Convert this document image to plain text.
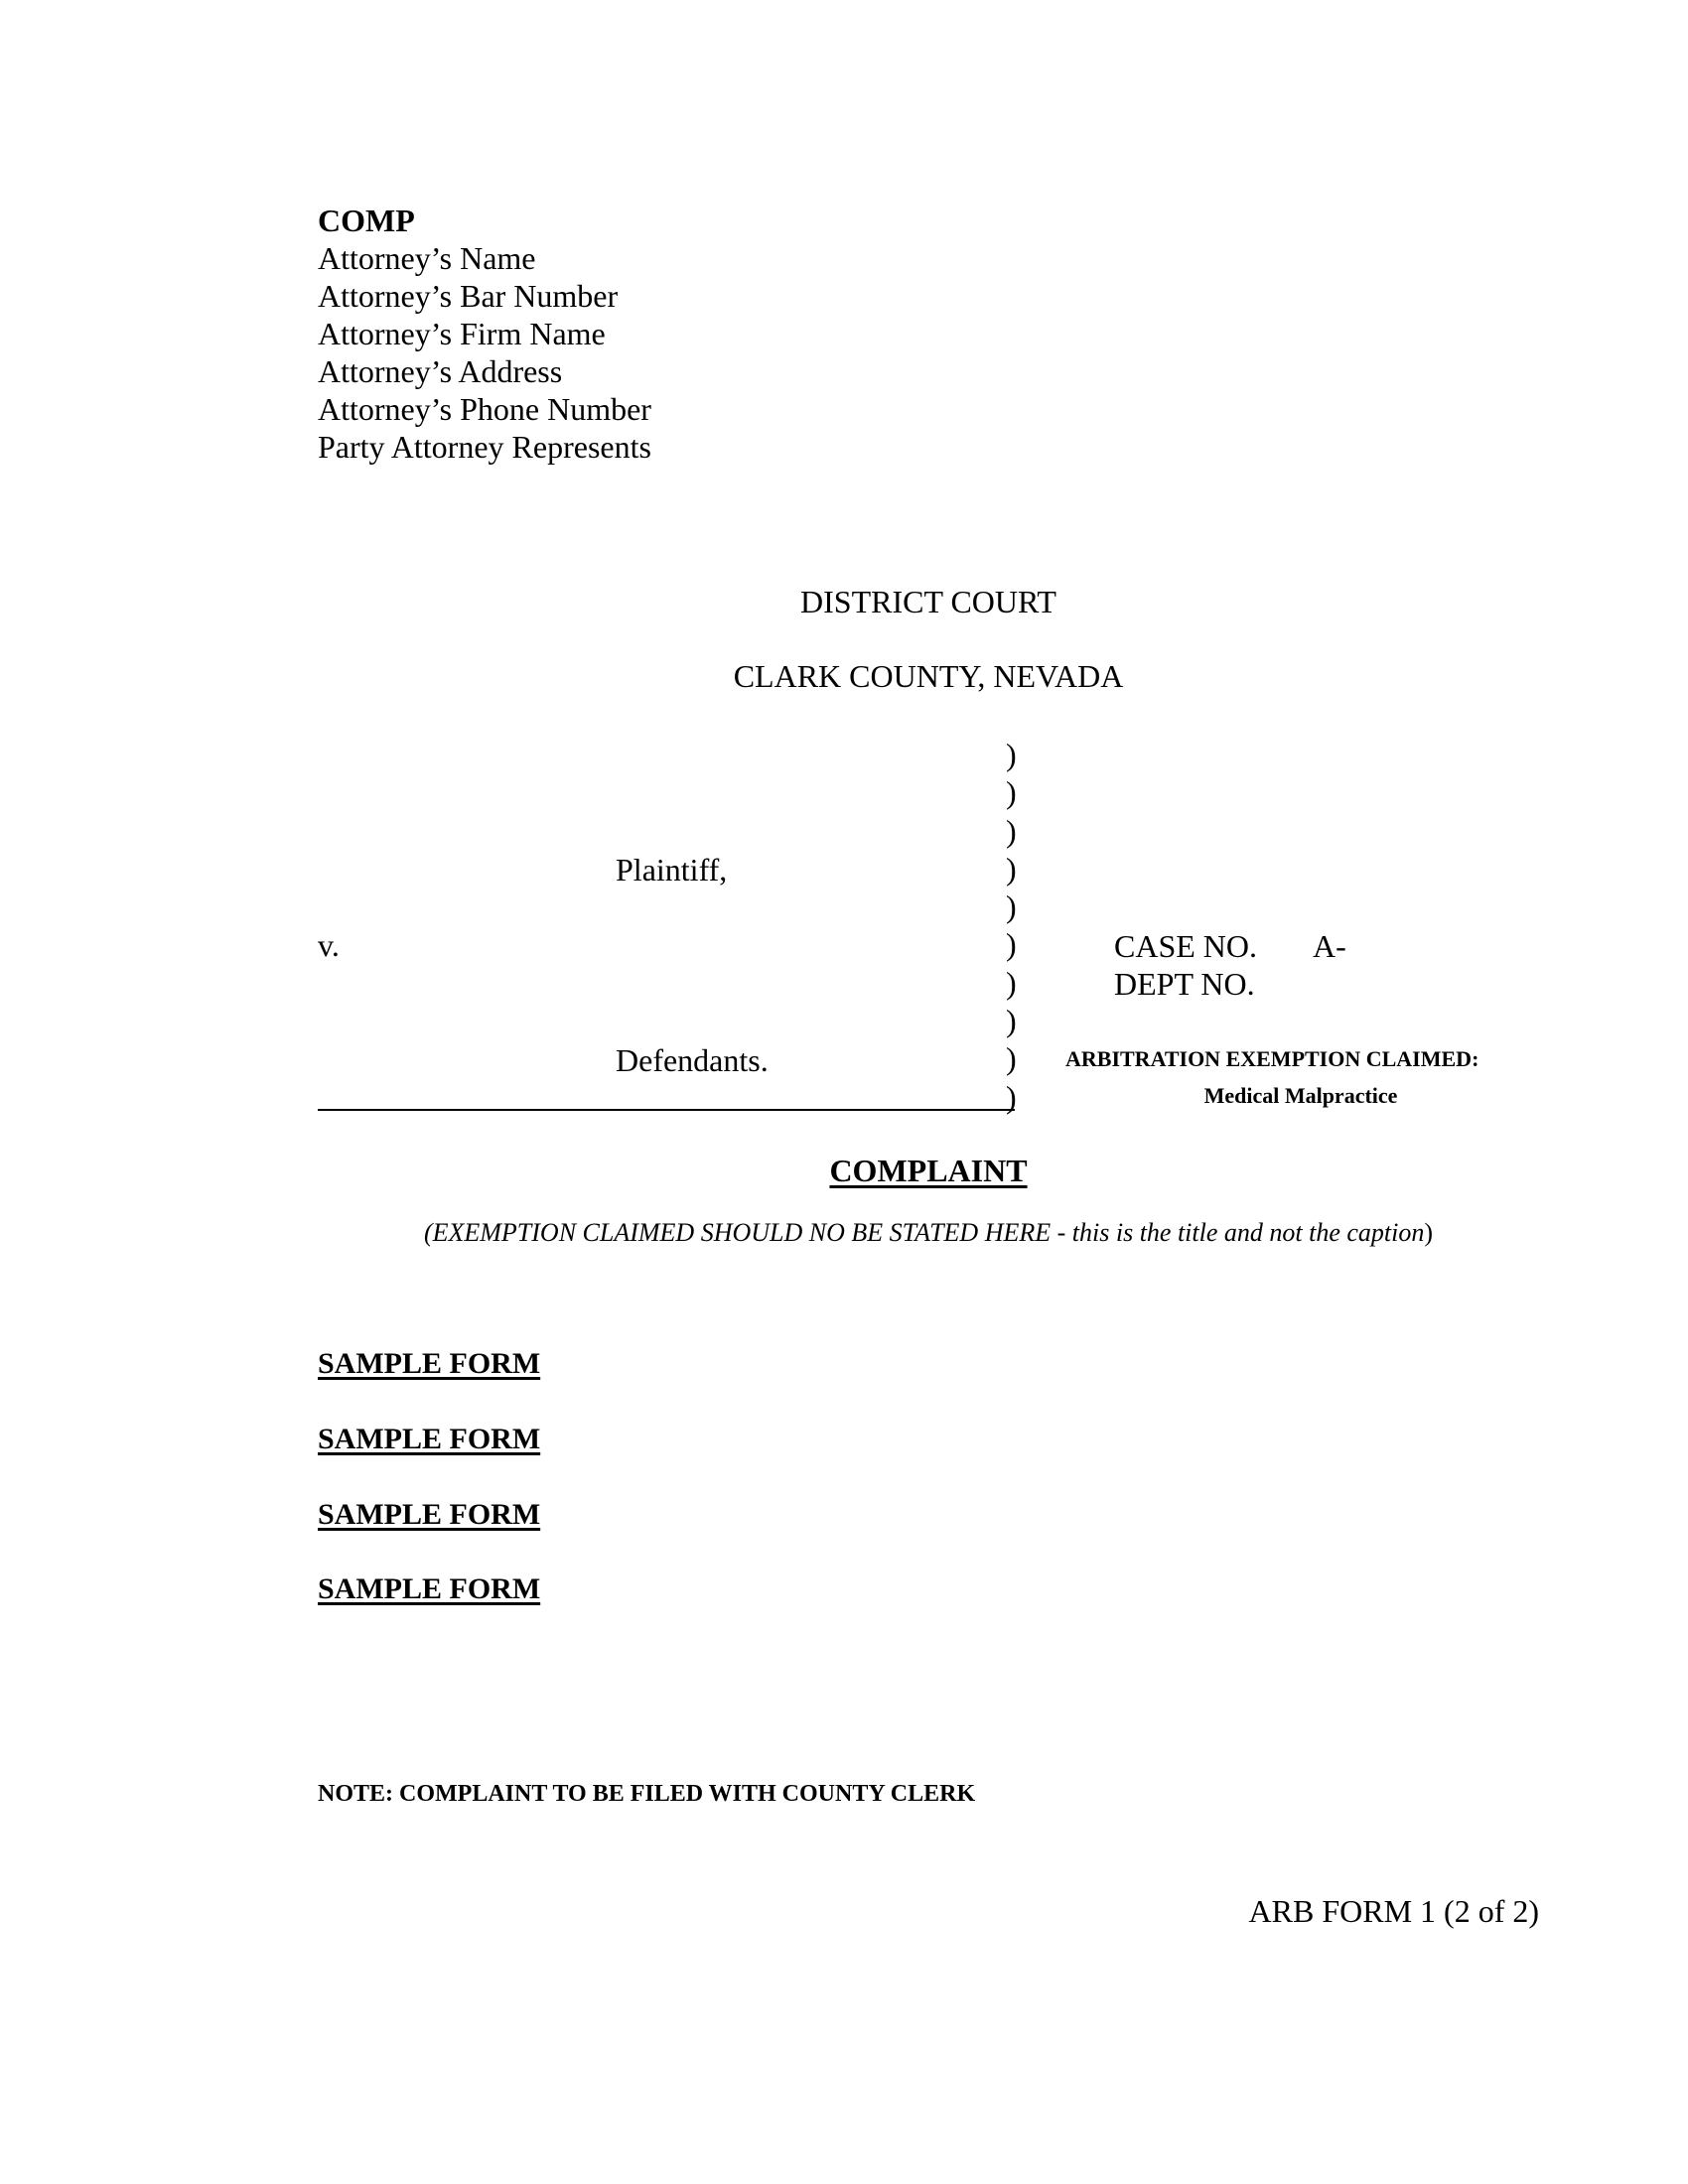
COMP
Attorney’s Name
Attorney’s Bar Number
Attorney’s Firm Name
Attorney’s Address
Attorney’s Phone Number
Party Attorney Represents
DISTRICT COURT
CLARK COUNTY, NEVADA
Plaintiff,
v.
Defendants.
)
)
)
)
)
)
)
)
)
)
CASE NO. A-
DEPT NO.
ARBITRATION EXEMPTION CLAIMED:
Medical Malpractice
COMPLAINT
(EXEMPTION CLAIMED SHOULD NO BE STATED HERE - this is the title and not the caption)
SAMPLE FORM
SAMPLE FORM
SAMPLE FORM
SAMPLE FORM
NOTE: COMPLAINT TO BE FILED WITH COUNTY CLERK
ARB FORM 1 (2 of 2)
